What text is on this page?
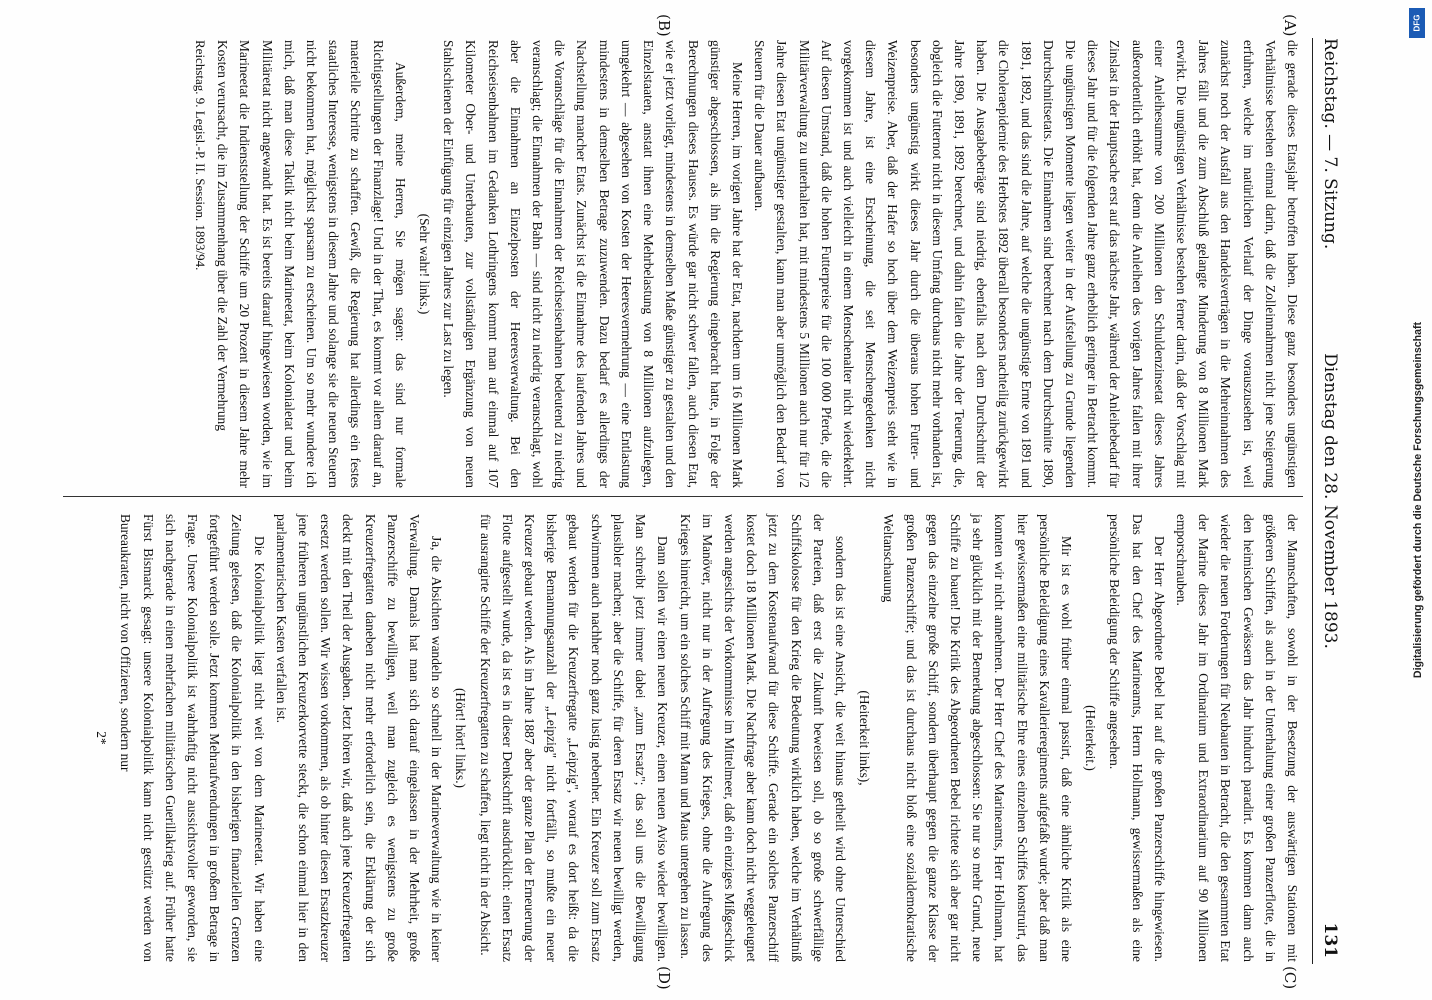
Reichstag. — 7. Sitzung.
Dienstag den 28. November 1893.
131
(A)
(B)
(C)
(D)

die gerade dieses Etatsjahr betroffen haben. Diese ganz besonders ungünstigen Verhältnisse bestehen einmal darin, daß die Zolleinnahmen nicht jene Steigerung erfuhren, welche im natürlichen Verlauf der Dinge vorauszusehen ist, weil zunächst noch der Ausfall aus den Handelsverträgen in die Mehreinnahmen des Jahres fällt und die zum Abschluß gelangte Minderung von 8 Millionen Mark erwirkt. Die ungünstigen Verhältnisse bestehen ferner darin, daß der Vorschlag mit einer Anleihesumme von 200 Millionen den Schuldenzinsetat dieses Jahres außerordentlich erhöht hat, denn die Anleihen des vorigen Jahres fallen mit ihrer Zinslast in der Hauptsache erst auf das nächste Jahr, während der Anleihebedarf für dieses Jahr und für die folgenden Jahre ganz erheblich geringer in Betracht kommt. Die ungünstigen Momente liegen weiter in der Aufstellung zu Grunde liegenden Durchschnittsetats. Die Einnahmen sind berechnet nach dem Durchschnitte 1890, 1891, 1892, und das sind die Jahre, auf welche die ungünstige Ernte von 1891 und die Choleraepidemie des Herbstes 1892 überall besonders nachteilig zurückgewirkt haben. Die Ausgabebeträge sind niedrig, ebenfalls nach dem Durchschnitt der Jahre 1890, 1891, 1892 berechnet, und dahin fallen die Jahre der Teuerung, die, obgleich die Futternot nicht in diesem Umfang durchaus nicht mehr vorhanden ist, besonders ungünstig wirkt dieses Jahr durch die überaus hohen Futter- und Weizenpreise. Aber, daß der Hafer so hoch über dem Weizenpreis steht wie in diesem Jahre, ist eine Erscheinung, die seit Menschengedenken nicht vorgekommen ist und auch vielleicht in einem Menschenalter nicht wiederkehrt. Auf diesen Umstand, daß die hohen Futterpreise für die 100 000 Pferde, die die Militärverwaltung zu unterhalten hat, mit mindestens 5 Millionen auch nur für 1/2 Jahre diesen Etat ungünstiger gestalten, kann man aber unmöglich den Bedarf von Steuern für die Dauer aufbauen.

Meine Herren, im vorigen Jahre hat der Etat, nachdem um 16 Millionen Mark günstiger abgeschlossen, als ihn die Regierung eingebracht hatte, in Folge der Berechnungen dieses Hauses. Es würde gar nicht schwer fallen, auch diesen Etat, wie er jetzt vorliegt, mindestens in demselben Maße günstiger zu gestalten und den Einzelstaaten, anstatt ihnen eine Mehrbelastung von 8 Millionen aufzulegen, umgekehrt — abgesehen von Kosten der Heeresvermehrung — eine Entlastung mindestens in demselben Betrage zuzuwenden. Dazu bedarf es allerdings der Nachstellung mancher Etats. Zunächst ist die Einnahme des laufenden Jahres und die Voranschläge für die Einnahmen der Reichseisenbahnen bedeutend zu niedrig veranschlagt; die Einnahmen der Bahn — sind nicht zu niedrig veranschlagt, wohl aber die Einnahmen an Einzelposten der Heeresverwaltung. Bei den Reichseisenbahnen im Gedanken Lothringens kommt man auf einmal auf 107 Kilometer Ober- und Unterbauten, zur vollständigen Ergänzung von neuen Stahlschienen der Einfügung für einzigen Jahres zur Last zu legen.

(Sehr wahr! links.)

Außerdem, meine Herren, Sie mögen sagen: das sind nur formale Richtigstellungen der Finanzlage! Und in der That, es kommt vor allem darauf an, materielle Schritte zu schaffen. Gewiß, die Regierung hat allerdings ein festes staatliches Interesse, wenigstens in diesem Jahre und solange sie die neuen Steuern nicht bekommen hat, möglichst sparsam zu erscheinen. Um so mehr wundere ich mich, daß man diese Taktik nicht beim Marineetat, beim Kolonialetat und beim Militäretat nicht angewandt hat. Es ist bereits darauf hingewiesen worden, wie im Marineetat die Indienststellung der Schiffe um 20 Prozent in diesem Jahre mehr Kosten verursacht, die im Zusammenhang über die Zahl der Vermehrung

Reichstag. 9. Legisl.-P. II. Session. 1893/94.

der Mannschaften, sowohl in der Besetzung der auswärtigen Stationen mit größeren Schiffen, als auch in der Unterhaltung einer großen Panzerflotte, die in den heimischen Gewässern das Jahr hindurch paradirt. Es kommen dann auch wieder die neuen Forderungen für Neubauten in Betracht, die den gesammten Etat der Marine dieses Jahr im Ordinarium und Extraordinarium auf 90 Millionen emporschrauben.

Der Herr Abgeordnete Bebel hat auf die großen Panzerschiffe hingewiesen. Das hat den Chef des Marineamts, Herrn Hollmann, gewissermaßen als eine persönliche Beleidigung der Schiffe angesehen.

(Heiterkeit.)

Mir ist es wohl früher einmal passirt, daß eine ähnliche Kritik als eine persönliche Beleidigung eines Kavallerieregiments aufgefaßt wurde; aber daß man hier gewissermaßen eine militärische Ehre eines einzelnen Schiffes konstruirt, das konnten wir nicht annehmen. Der Herr Chef des Marineamts, Herr Hollmann, hat ja sehr glücklich mit der Bemerkung abgeschlossen: Sie nur so mehr Grund, neue Schiffe zu bauen! Die Kritik des Abgeordneten Bebel richtete sich aber gar nicht gegen das einzelne große Schiff, sondern überhaupt gegen die ganze Klasse der großen Panzerschiffe; und das ist durchaus nicht bloß eine sozialdemokratische Weltanschauung

(Heiterkeit links),

sondern das ist eine Ansicht, die weit hinaus getheilt wird ohne Unterschied der Parteien, daß erst die Zukunft beweisen soll, ob so große schwerfällige Schiffskolosse für den Krieg die Bedeutung wirklich haben, welche im Verhältniß jetzt zu dem Kostenaufwand für diese Schiffe. Gerade ein solches Panzerschiff kostet doch 18 Millionen Mark. Die Nachfrage aber kann doch nicht weggeleugnet werden angesichts der Vorkommnisse im Mittelmeer, daß ein einziges Mißgeschick im Manöver, nicht nur in der Aufregung des Krieges, ohne die Aufregung des Krieges hinreicht, um ein solches Schiff mit Mann und Maus untergehen zu lassen.

Dann sollen wir einen neuen Kreuzer, einen neuen Aviso wieder bewilligen. Man schreibt jetzt immer dabei „zum Ersatz"; das soll uns die Bewilligung plausibler machen; aber die Schiffe, für deren Ersatz wir neuen bewilligt werden, schwimmen auch nachher noch ganz lustig nebenher. Ein Kreuzer soll zum Ersatz gebaut werden für die Kreuzerfregatte „Leipzig", worauf es dort heißt: da die bisherige Bemannungsanzahl der „Leipzig" nicht fortfällt, so mußte ein neuer Kreuzer gebaut werden. Als im Jahre 1887 aber der ganze Plan der Erneuerung der Flotte aufgestellt wurde, da ist es in dieser Denkschrift ausdrücklich: einen Ersatz für ausrangirte Schiffe der Kreuzerfregatten zu schaffen, liegt nicht in der Absicht.

(Hört! hört! links.)

Ja, die Absichten wandeln so schnell in der Marineverwaltung wie in keiner Verwaltung. Damals hat man sich darauf eingelassen in der Mehrheit, große Panzerschiffe zu bewilligen, weil man zugleich es wenigstens zu große Kreuzerfregatten daneben nicht mehr erforderlich sein, die Erklärung der sich deckt mit den Theil der Ausgaben. Jetzt hören wir, daß auch jene Kreuzerfregatten ersetzt werden sollen. Wir wissen vorkommen, als ob hinter diesen Ersatzkreuzer jene früheren ungünstlichen Kreuzerkorvette steckt, die schon einmal hier in den parlamentarischen Kasten verfallen ist.

Die Kolonialpolitik liegt nicht weit von dem Marineetat. Wir haben eine Zeitung gelesen, daß die Kolonialpolitik in den bisherigen finanziellen Grenzen fortgeführt werden solle. Jetzt kommen Mehraufwendungen in großem Betrage in Frage. Unsere Kolonialpolitik ist wahrhaftig nicht aussichtsvoller geworden, sie sich nachgerade in einen mehrfachen militärischen Guerillakrieg auf. Früher hatte Fürst Bismarck gesagt: unsere Kolonialpolitik kann nicht gestützt werden von Bureaukraten, nicht von Offizieren, sondern nur

2*

DFG
Digitalisierung gefördert durch die Deutsche Forschungsgemeinschaft
